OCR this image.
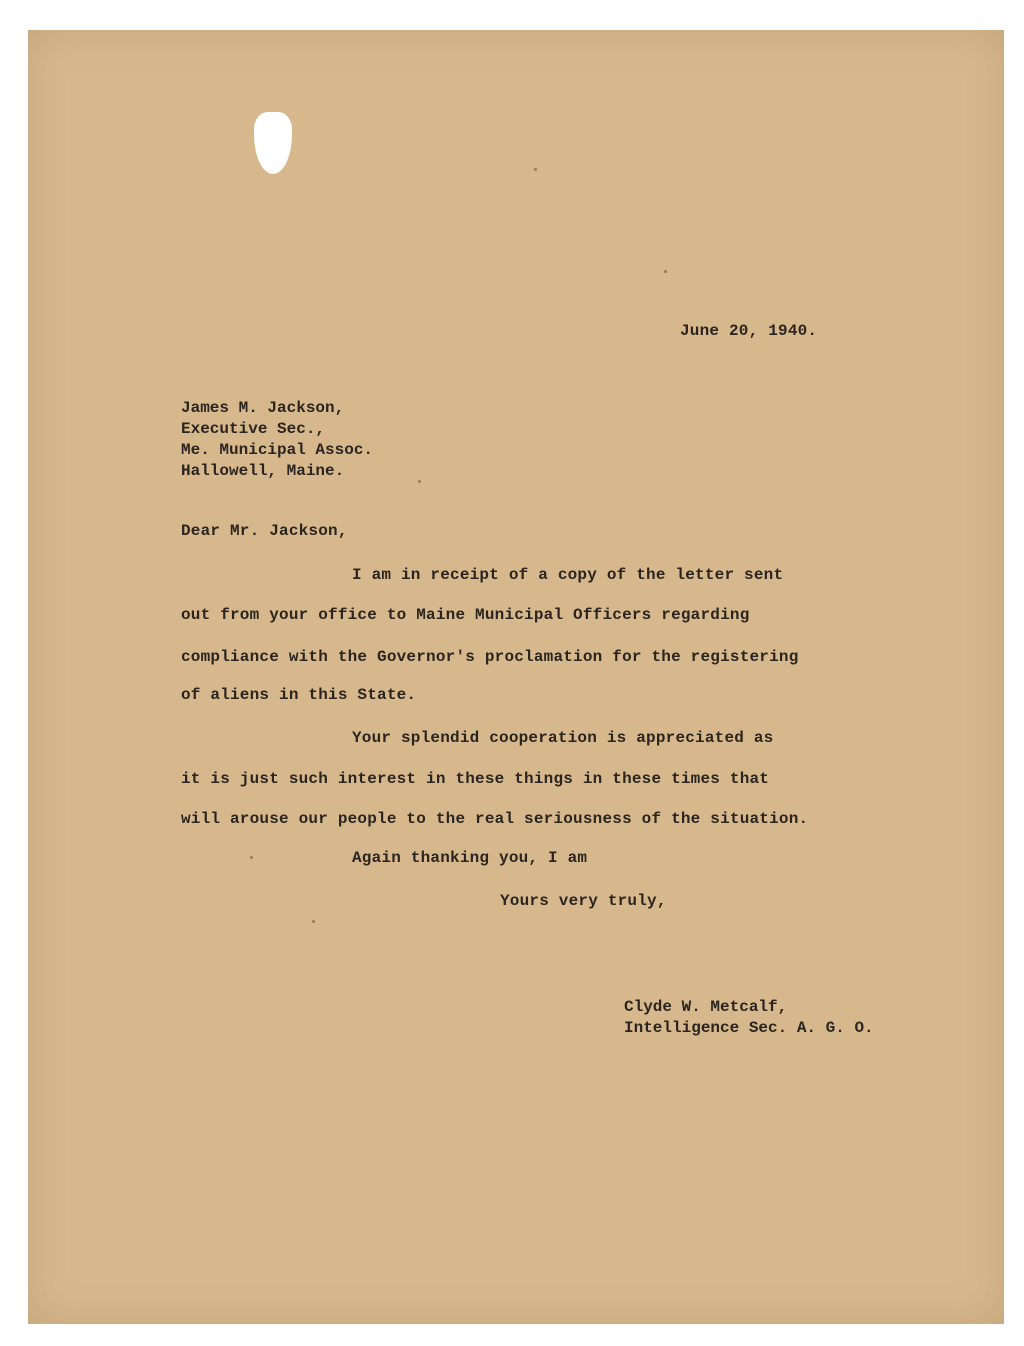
June 20, 1940.

James M. Jackson,
Executive Sec.,
Me. Municipal Assoc.
Hallowell, Maine.

Dear Mr. Jackson,

I am in receipt of a copy of the letter sent

out from your office to Maine Municipal Officers regarding

compliance with the Governor's proclamation for the registering

of aliens in this State.

Your splendid cooperation is appreciated as

it is just such interest in these things in these times that

will arouse our people to the real seriousness of the situation.

Again thanking you, I am

Yours very truly,

Clyde W. Metcalf,
Intelligence Sec. A. G. O.
